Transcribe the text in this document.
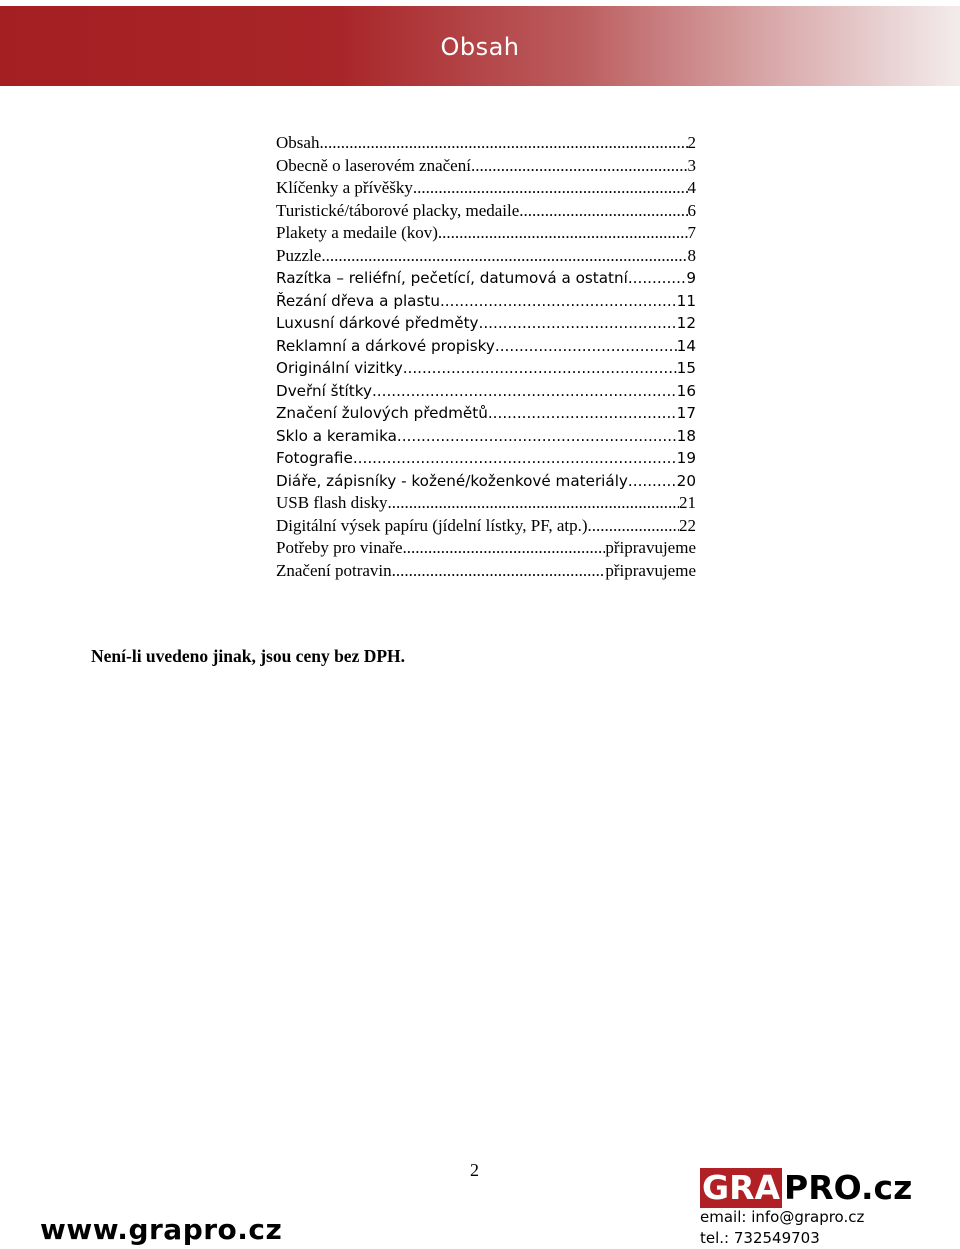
Obsah
Obsah .....	2
Obecně o laserovém značení .....	3
Klíčenky a přívěšky .....	4
Turistické/táborové placky, medaile .....	6
Plakety a medaile (kov) .....	7
Puzzle .....	8
Razítka – reliéfní, pečetící, datumová a ostatní .....	9
Řezání dřeva a plastu .....	11
Luxusní dárkové předměty .....	12
Reklamní a dárkové propisky .....	14
Originální vizitky .....	15
Dveřní štítky .....	16
Značení žulových předmětů .....	17
Sklo a keramika .....	18
Fotografie .....	19
Diáře, zápisníky - kožené/koženkové materiály .....	20
USB flash disky .....	21
Digitální výsek papíru (jídelní lístky, PF, atp.) .....	22
Potřeby pro vinaře .....	připravujeme
Značení potravin .....	připravujeme
Není-li uvedeno jinak, jsou ceny bez DPH.
2
www.grapro.cz
GRA PRO.cz
email: info@grapro.cz
tel.: 732549703
